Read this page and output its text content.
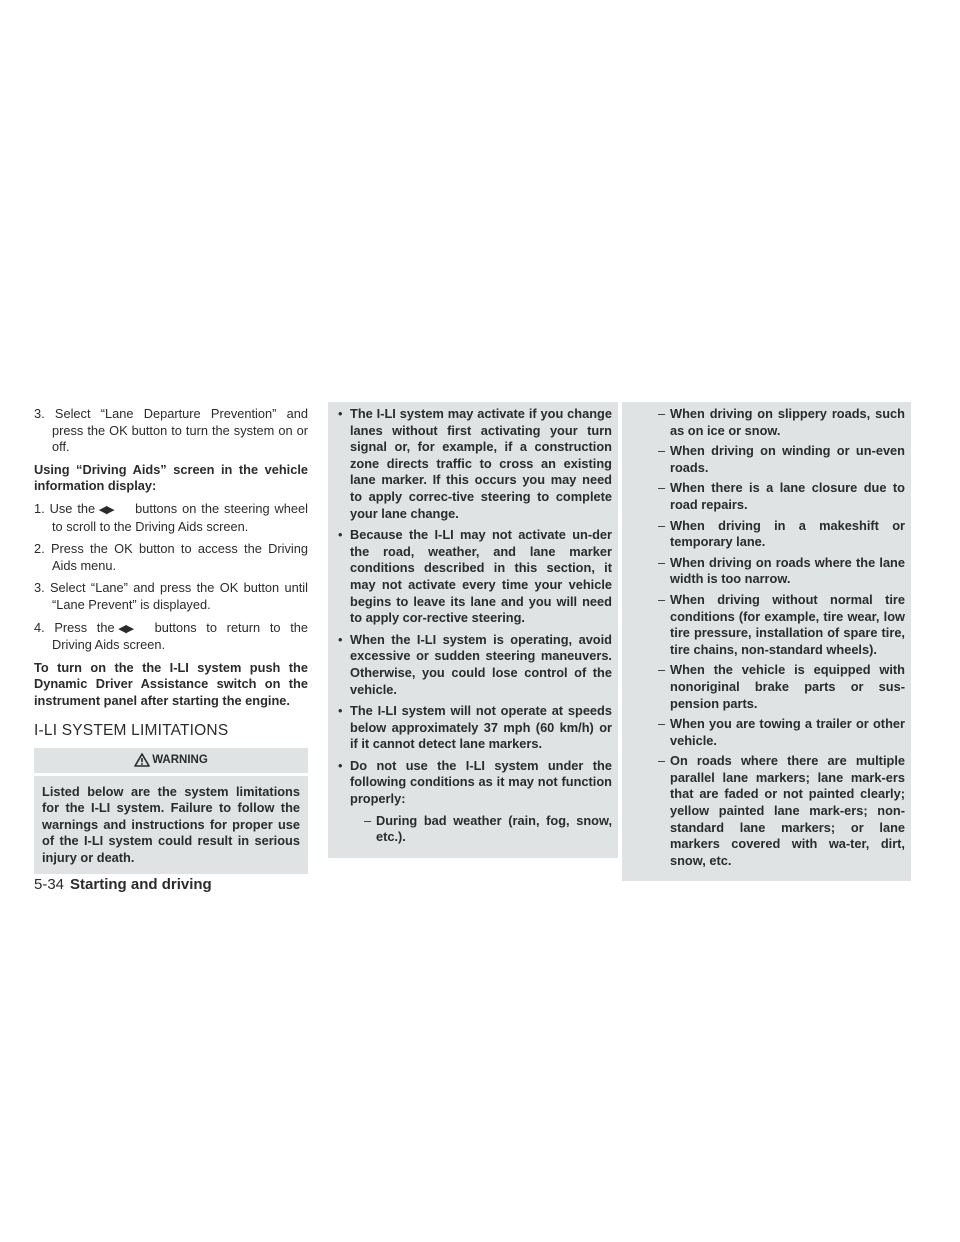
3. Select “Lane Departure Prevention” and press the OK button to turn the system on or off.

Using “Driving Aids” screen in the vehicle information display:

1. Use the ◀▶ buttons on the steering wheel to scroll to the Driving Aids screen.

2. Press the OK button to access the Driving Aids menu.

3. Select “Lane” and press the OK button until “Lane Prevent” is displayed.

4. Press the ◀▶ buttons to return to the Driving Aids screen.

To turn on the the I-LI system push the Dynamic Driver Assistance switch on the instrument panel after starting the engine.

I-LI SYSTEM LIMITATIONS
WARNING
Listed below are the system limitations for the I-LI system. Failure to follow the warnings and instructions for proper use of the I-LI system could result in serious injury or death.
• The I-LI system may activate if you change lanes without first activating your turn signal or, for example, if a construction zone directs traffic to cross an existing lane marker. If this occurs you may need to apply correc-tive steering to complete your lane change.
• Because the I-LI may not activate un-der the road, weather, and lane marker conditions described in this section, it may not activate every time your vehicle begins to leave its lane and you will need to apply cor-rective steering.
• When the I-LI system is operating, avoid excessive or sudden steering maneuvers. Otherwise, you could lose control of the vehicle.
• The I-LI system will not operate at speeds below approximately 37 mph (60 km/h) or if it cannot detect lane markers.
• Do not use the I-LI system under the following conditions as it may not function properly:
– During bad weather (rain, fog, snow, etc.).
– When driving on slippery roads, such as on ice or snow.
– When driving on winding or un-even roads.
– When there is a lane closure due to road repairs.
– When driving in a makeshift or temporary lane.
– When driving on roads where the lane width is too narrow.
– When driving without normal tire conditions (for example, tire wear, low tire pressure, installation of spare tire, tire chains, non-standard wheels).
– When the vehicle is equipped with nonoriginal brake parts or sus-pension parts.
– When you are towing a trailer or other vehicle.
– On roads where there are multiple parallel lane markers; lane mark-ers that are faded or not painted clearly; yellow painted lane mark-ers; non-standard lane markers; or lane markers covered with wa-ter, dirt, snow, etc.
5-34 Starting and driving
